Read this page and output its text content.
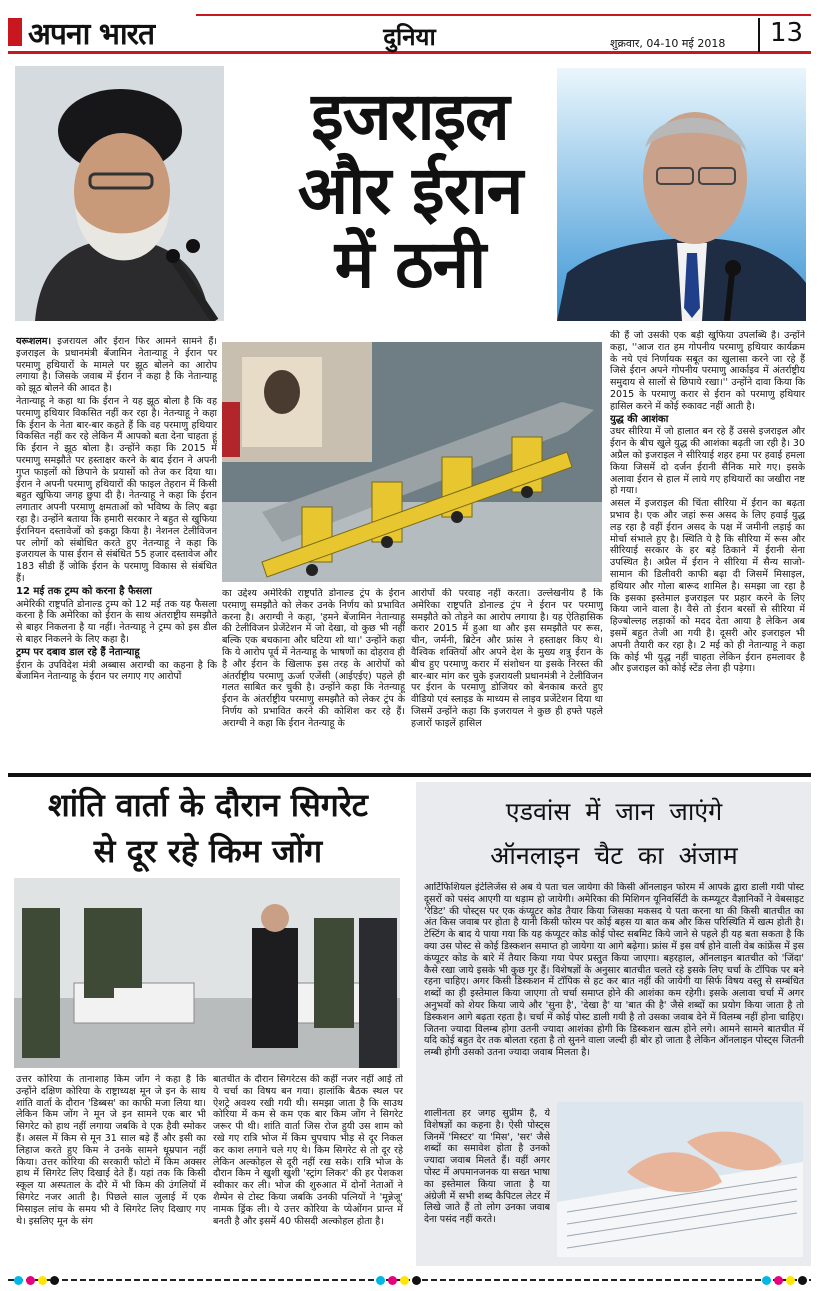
अपना भारत	दुनिया	शुक्रवार, 04-10 मई 2018 13
इजराइल
और ईरान
में ठनी

यरूशलम। इजरायल और ईरान फिर आमने सामने हैं। इजराइल के प्रधानमंत्री बेंजामिन नेतान्याहू ने ईरान पर परमाणु हथियारों के मामले पर झूठ बोलने का आरोप लगाया है। जिसके जवाब में ईरान ने कहा है कि नेतान्याहू को झूठ बोलने की आदत है।

नेतान्याहू ने कहा था कि ईरान ने यह झूठ बोला है कि वह परमाणु हथियार विकसित नहीं कर रहा है। नेतन्याहू ने कहा कि ईरान के नेता बार-बार कहते हैं कि वह परमाणु हथियार विकसित नहीं कर रहे लेकिन मैं आपको बता देना चाहता हूं कि ईरान ने झूठ बोला है। उन्होंने कहा कि 2015 में परमाणु समझौते पर हस्ताक्षर करने के बाद ईरान ने अपनी गुप्त फाइलों को छिपाने के प्रयासों को तेज कर दिया था। ईरान ने अपनी परमाणु हथियारों की फाइल तेहरान में किसी बहुत खुफिया जगह छुपा दी है। नेतन्याहू ने कहा कि ईरान लगातार अपनी परमाणु क्षमताओं को भविष्य के लिए बढ़ा रहा है। उन्होंने बताया कि हमारी सरकार ने बहुत से खुफिया ईरानियन दस्तावेजों को इकट्ठा किया है। नेशनल टेलीविजन पर लोगों को संबोधित करते हुए नेतन्याहू ने कहा कि इजरायल के पास ईरान से संबंधित 55 हजार दस्तावेज और 183 सीडी हैं जोकि ईरान के परमाणु विकास से संबंधित हैं।

12 मई तक ट्रम्प को करना है फैसला

अमेरिकी राष्ट्रपति डोनाल्ड ट्रम्प को 12 मई तक यह फैसला करना है कि अमेरिका को ईरान के साथ अंतराष्ट्रीय समझौते से बाहर निकलना है या नहीं। नेतन्याहू ने ट्रम्प को इस डील से बाहर निकलने के लिए कहा है।

ट्रम्प पर दबाव डाल रहे हैं नेतान्याहू

ईरान के उपविदेश मंत्री अब्बास अराग्ची का कहना है कि बेंजामिन नेतान्याहू के ईरान पर लगाए गए आरोपों

का उद्देश्य अमेरिकी राष्ट्रपति डोनाल्ड ट्रंप के ईरान परमाणु समझौते को लेकर उनके निर्णय को प्रभावित करना है। अराग्ची ने कहा, 'हमने बेंजामिन नेतान्याहू की टेलीविजन प्रेजेंटेशन में जो देखा, वो कुछ भी नहीं बल्कि एक बचकाना और घटिया शो था।' उन्होंने कहा कि ये आरोप पूर्व में नेतन्याहू के भाषणों का दोहराव ही है और ईरान के खिलाफ इस तरह के आरोपों को अंतर्राष्ट्रीय परमाणु ऊर्जा एजेंसी (आईएईए) पहले ही गलत साबित कर चुकी है। उन्होंने कहा कि नेतन्याहू ईरान के अंतर्राष्ट्रीय परमाणु समझौते को लेकर ट्रंप के निर्णय को प्रभावित करने की कोशिश कर रहे हैं। अराग्ची ने कहा कि ईरान नेतन्याहू के

आरोपों की परवाह नहीं करता। उल्लेखनीय है कि अमेरिका राष्ट्रपति डोनाल्ड ट्रंप ने ईरान पर परमाणु समझौते को तोड़ने का आरोप लगाया है। यह ऐतिहासिक करार 2015 में हुआ था और इस समझौते पर रूस, चीन, जर्मनी, ब्रिटेन और फ्रांस ने हस्ताक्षर किए थे। वैश्विक शक्तियों और अपने देश के मुख्य शत्रु ईरान के बीच हुए परमाणु करार में संशोधन या इसके निरस्त की बार-बार मांग कर चुके इजरायली प्रधानमंत्री ने टेलीविजन पर ईरान के परमाणु डोजियर को बेनकाब करते हुए वीडियो एवं स्लाइड के माध्यम से लाइव प्रजेंटेशन दिया था जिसमें उन्होंने कहा कि इजरायल ने कुछ ही हफ्ते पहले हजारों फाइलें हासिल

की हैं जो उसकी एक बड़ी खुफिया उपलब्धि है। उन्होंने कहा, ''आज रात हम गोपनीय परमाणु हथियार कार्यक्रम के नये एवं निर्णायक सबूत का खुलासा करने जा रहे हैं जिसे ईरान अपने गोपनीय परमाणु आर्काइव में अंतर्राष्ट्रीय समुदाय से सालों से छिपाये रखा।'' उन्होंने दावा किया कि 2015 के परमाणु करार से ईरान को परमाणु हथियार हासिल करने में कोई रुकावट नहीं आती है।

युद्ध की आशंका

उधर सीरिया में जो हालात बन रहे हैं उससे इजराइल और ईरान के बीच खुले युद्ध की आशंका बढ़ती जा रही है। 30 अप्रैल को इजराइल ने सीरियाई शहर हमा पर हवाई हमला किया जिसमें दो दर्जन ईरानी सैनिक मारे गए। इसके अलावा ईरान से हाल में लाये गए हथियारों का जखीरा नष्ट हो गया।

असल में इजराइल की चिंता सीरिया में ईरान का बढ़ता प्रभाव है। एक और जहां रूस असद के लिए हवाई युद्ध लड़ रहा है वहीं ईरान असद के पक्ष में जमीनी लड़ाई का मोर्चा संभाले हुए है। स्थिति ये है कि सीरिया में रूस और सीरियाई सरकार के हर बड़े ठिकाने में ईरानी सेना उपस्थित है। अप्रैल में ईरान ने सीरिया में सैन्य साजो-सामान की डिलीवरी काफी बढ़ा दी जिसमें मिसाइल, हथियार और गोला बारूद शामिल है। समझा जा रहा है कि इसका इस्तेमाल इजराइल पर प्रहार करने के लिए किया जाने वाला है। वैसे तो ईरान बरसों से सीरिया में हिज्बोल्लह लड़ाकों को मदद देता आया है लेकिन अब इसमें बहुत तेजी आ गयी है। दूसरी ओर इजराइल भी अपनी तैयारी कर रहा है। 2 मई को ही नेतान्याहू ने कहा कि कोई भी युद्ध नहीं चाहता लेकिन ईरान हमलावर है और इजराइल को कोई स्टेंड लेना ही पड़ेगा।

शांति वार्ता के दौरान सिगरेट
से दूर रहे किम जोंग

उत्तर कोरिया के तानाशाह किम जोंग ने कहा है कि उन्होंने दक्षिण कोरिया के राष्ट्राध्यक्ष मून जे इन के साथ शांति वार्ता के दौरान 'डिब्बस' का काफी मजा लिया था। लेकिन किम जोंग ने मून जे इन सामने एक बार भी सिगरेट को हाथ नहीं लगाया जबकि वे एक हैवी स्मोकर हैं। असल में किम से मून 31 साल बड़े हैं और इसी का लिहाज करते हुए किम ने उनके सामने धूम्रपान नहीं किया। उत्तर कोरिया की सरकारी फोटो में किम अक्सर हाथ में सिगरेट लिए दिखाई देते हैं। यहां तक कि किसी स्कूल या अस्पताल के दौरे में भी किम की उंगलियों में सिगरेट नजर आती है। पिछले साल जुलाई में एक मिसाइल लांच के समय भी वे सिगरेट लिए दिखाए गए थे। इसलिए मून के संग

बातचीत के दौरान सिगरेटस की कहीं नजर नहीं आई तो ये चर्चा का विषय बन गया। हालांकि बैठक स्थल पर ऐशट्रे अवश्य रखी गयी थी। समझा जाता है कि साउथ कोरिया में कम से कम एक बार किम जोंग ने सिगरेट जरूर पी थी। शांति वार्ता जिस रोज हुयी उस शाम को रखे गए रात्रि भोज में किम चुपचाप भीड़ से दूर निकल कर काश लगाने चले गए थे। किम सिगरेट से तो दूर रहे लेकिन अल्कोहल से दूरी नहीं रख सके। रात्रि भोज के दौरान किम ने खुशी खुशी 'स्ट्रांग लिकर' की हर पेशकश स्वीकार कर ली। भोज की शुरुआत में दोनों नेताओं ने शैम्पेन से टोस्ट किया जबकि उनकी पत्नियों ने 'मून्नेजू' नामक ड्रिंक ली। ये उत्तर कोरिया के प्येओंगन प्रान्त में बनती है और इसमें 40 फीसदी अल्कोहल होता है।

एडवांस में जान जाएंगे
ऑनलाइन चैट का अंजाम

आर्टिफिशियल इंटेलिजेंस से अब ये पता चल जायेगा की किसी ऑनलाइन फोरम में आपके द्वारा डाली गयी पोस्ट दूसरों को पसंद आएगी या धड़ाम हो जायेगी। अमेरिका की मिशिगन यूनिवर्सिटी के कम्प्यूटर वैज्ञानिकों ने वेबसाइट 'रेडिट' की पोस्ट्स पर एक कंप्यूटर कोड तैयार किया जिसका मकसद ये पता करना था की किसी बातचीत का अंत किस जवाब पर होता है यानी किसी फोरम पर कोई बहस या बात कब और किस परिस्थिति में खत्म होती है। टेस्टिंग के बाद ये पाया गया कि यह कंप्यूटर कोड कोई पोस्ट सबमिट किये जाने से पहले ही यह बता सकता है कि क्या उस पोस्ट से कोई डिस्कशन समाप्त हो जायेगा या आगे बढ़ेगा। फ्रांस में इस वर्ष होने वाली वेब कांफ्रेंस में इस कंप्यूटर कोड के बारे में तैयार किया गया पेपर प्रस्तुत किया जाएगा। बहरहाल, ऑनलाइन बातचीत को 'जिंदा' कैसे रखा जाये इसके भी कुछ गुर हैं। विशेषज्ञों के अनुसार बातचीत चलते रहे इसके लिए चर्चा के टॉपिक पर बने रहना चाहिए। अगर किसी डिस्कशन में टॉपिक से हट कर बात नहीं की जायेगी या सिर्फ विषय वस्तु से सम्बंधित शब्दों का ही इस्तेमाल किया जाएगा तो चर्चा समाप्त होने की आशंका कम रहेगी। इसके अलावा चर्चा में अगर अनुभवों को शेयर किया जाये और 'सुना है', 'देखा है' या 'बात की है' जैसे शब्दों का प्रयोग किया जाता है तो डिस्कशन आगे बढ़ता रहता है। चर्चा में कोई पोस्ट डाली गयी है तो उसका जवाब देने में विलम्ब नहीं होना चाहिए। जितना ज्यादा विलम्ब होगा उतनी ज्यादा आशंका होगी कि डिस्कशन खत्म होने लगे। आमने सामने बातचीत में यदि कोई बहुत देर तक बोलता रहता है तो सुनने वाला जल्दी ही बोर हो जाता है लेकिन ऑनलाइन पोस्ट्स जितनी लम्बी होगी उसको उतना ज्यादा जवाब मिलता है।

शालीनता हर जगह सुप्रीम है, ये विशेषज्ञों का कहना है। ऐसी पोस्ट्स जिनमें 'मिस्टर' या 'मिस', 'सर' जैसे शब्दों का समावेश होता है उनको ज्यादा जवाब मिलते हैं। वहीं अगर पोस्ट में अपमानजनक या सख्त भाषा का इस्तेमाल किया जाता है या अंग्रेजी में सभी शब्द कैपिटल लेटर में लिखे जाते हैं तो लोग उनका जवाब देना पसंद नहीं करते।
